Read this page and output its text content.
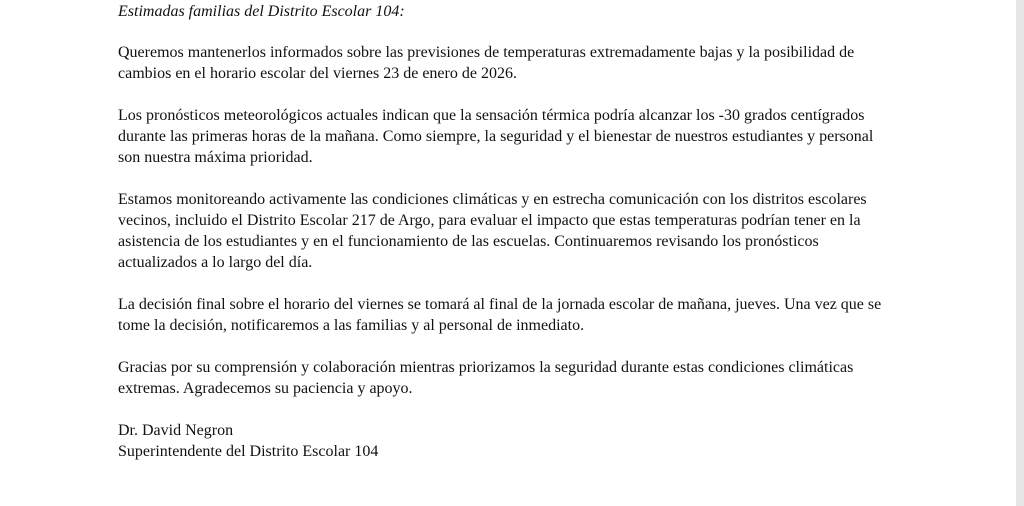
Estimadas familias del Distrito Escolar 104:

Queremos mantenerlos informados sobre las previsiones de temperaturas extremadamente bajas y la posibilidad de cambios en el horario escolar del viernes 23 de enero de 2026.

Los pronósticos meteorológicos actuales indican que la sensación térmica podría alcanzar los -30 grados centígrados durante las primeras horas de la mañana. Como siempre, la seguridad y el bienestar de nuestros estudiantes y personal son nuestra máxima prioridad.

Estamos monitoreando activamente las condiciones climáticas y en estrecha comunicación con los distritos escolares vecinos, incluido el Distrito Escolar 217 de Argo, para evaluar el impacto que estas temperaturas podrían tener en la asistencia de los estudiantes y en el funcionamiento de las escuelas. Continuaremos revisando los pronósticos actualizados a lo largo del día.

La decisión final sobre el horario del viernes se tomará al final de la jornada escolar de mañana, jueves. Una vez que se tome la decisión, notificaremos a las familias y al personal de inmediato.

Gracias por su comprensión y colaboración mientras priorizamos la seguridad durante estas condiciones climáticas extremas. Agradecemos su paciencia y apoyo.

Dr. David Negron

Superintendente del Distrito Escolar 104
